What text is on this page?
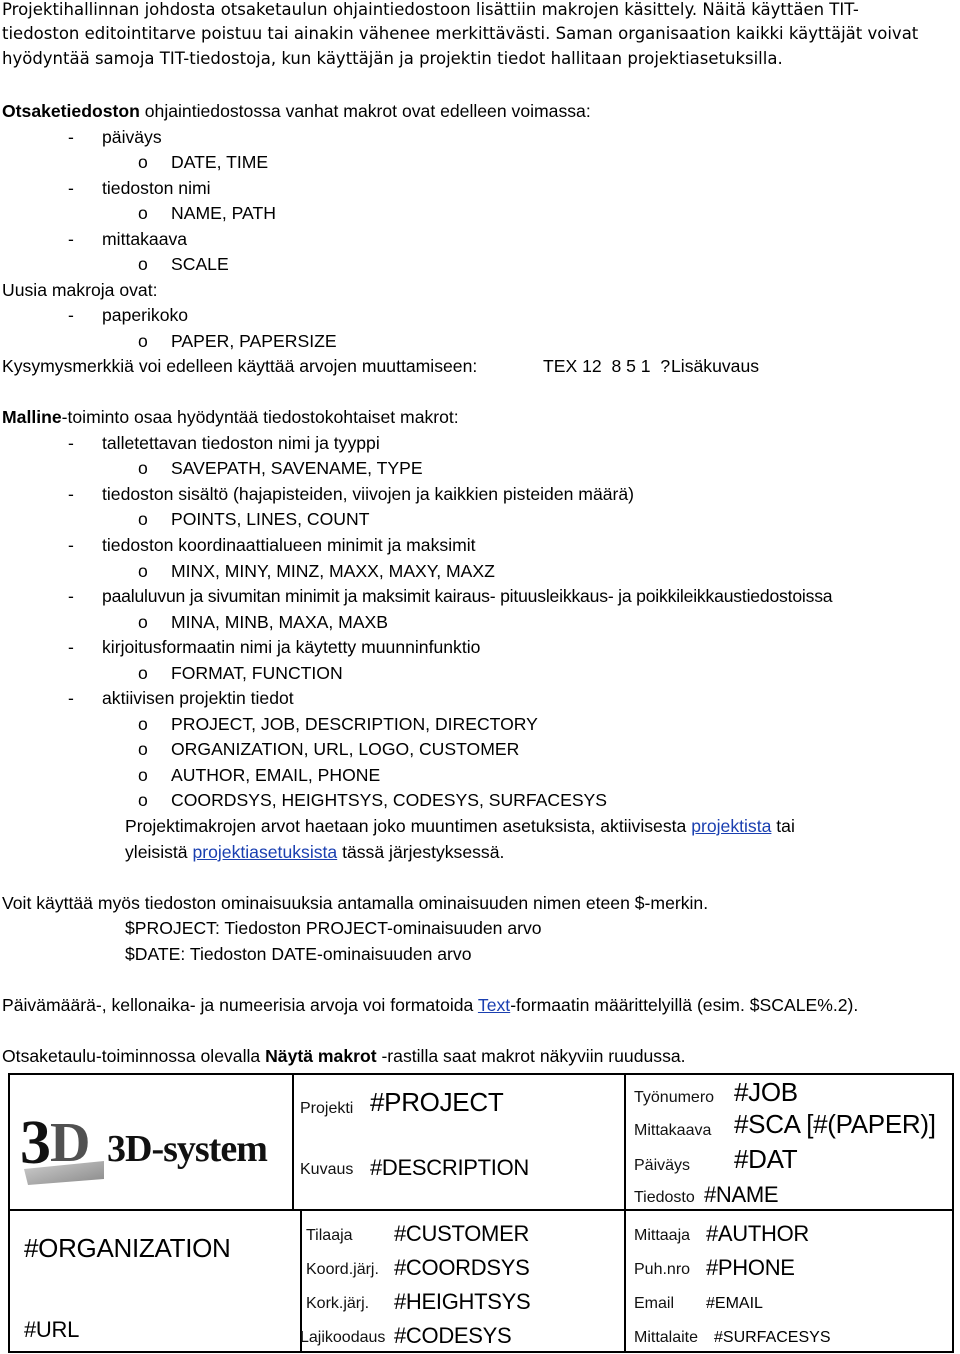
Projektihallinnan johdosta otsaketaulun ohjaintiedostoon lisättiin makrojen käsittely. Näitä käyttäen TIT-
tiedoston editointitarve poistuu tai ainakin vähenee merkittävästi. Saman organisaation kaikki käyttäjät voivat
hyödyntää samoja TIT-tiedostoja, kun käyttäjän ja projektin tiedot hallitaan projektiasetuksilla.
Otsaketiedoston ohjaintiedostossa vanhat makrot ovat edelleen voimassa:
- päiväys
o DATE, TIME
- tiedoston nimi
o NAME, PATH
- mittakaava
o SCALE
Uusia makroja ovat:
- paperikoko
o PAPER, PAPERSIZE
Kysymysmerkkiä voi edelleen käyttää arvojen muuttamiseen:	TEX 12  8 5 1  ? Lisäkuvaus
Malline-toiminto osaa hyödyntää tiedostokohtaiset makrot:
- talletettavan tiedoston nimi ja tyyppi
o SAVEPATH, SAVENAME, TYPE
- tiedoston sisältö (hajapisteiden, viivojen ja kaikkien pisteiden määrä)
o POINTS, LINES, COUNT
- tiedoston koordinaattialueen minimit ja maksimit
o MINX, MINY, MINZ, MAXX, MAXY, MAXZ
- paaluluvun ja sivumitan minimit ja maksimit kairaus- pituusleikkaus- ja poikkileikkaustiedostoissa
o MINA, MINB, MAXA, MAXB
- kirjoitusformaatin nimi ja käytetty muunninfunktio
o FORMAT, FUNCTION
- aktiivisen projektin tiedot
o PROJECT, JOB, DESCRIPTION, DIRECTORY
o ORGANIZATION, URL, LOGO, CUSTOMER
o AUTHOR, EMAIL, PHONE
o COORDSYS, HEIGHTSYS, CODESYS, SURFACESYS
Projektimakrojen arvot haetaan joko muuntimen asetuksista, aktiivisesta projektista tai
yleisistä projektiasetuksista tässä järjestyksessä.
Voit käyttää myös tiedoston ominaisuuksia antamalla ominaisuuden nimen eteen $-merkin.
$PROJECT: Tiedoston PROJECT-ominaisuuden arvo
$DATE: Tiedoston DATE-ominaisuuden arvo
Päivämäärä-, kellonaika- ja numeerisia arvoja voi formatoida Text-formaatin määrittelyillä (esim. $SCALE%.2).
Otsaketaulu-toiminnossa olevalla Näytä makrot -rastilla saat makrot näkyviin ruudussa.
3 D 3D-system
Projekti #PROJECT
Kuvaus #DESCRIPTION
Työnumero #JOB
Mittakaava #SCA [#(PAPER)]
Päiväys #DAT
Tiedosto #NAME
#ORGANIZATION
#URL
Tilaaja #CUSTOMER
Koord.järj. #COORDSYS
Kork.järj. #HEIGHTSYS
Lajikoodaus #CODESYS
Mittaaja #AUTHOR
Puh.nro #PHONE
Email #EMAIL
Mittalaite #SURFACESYS
